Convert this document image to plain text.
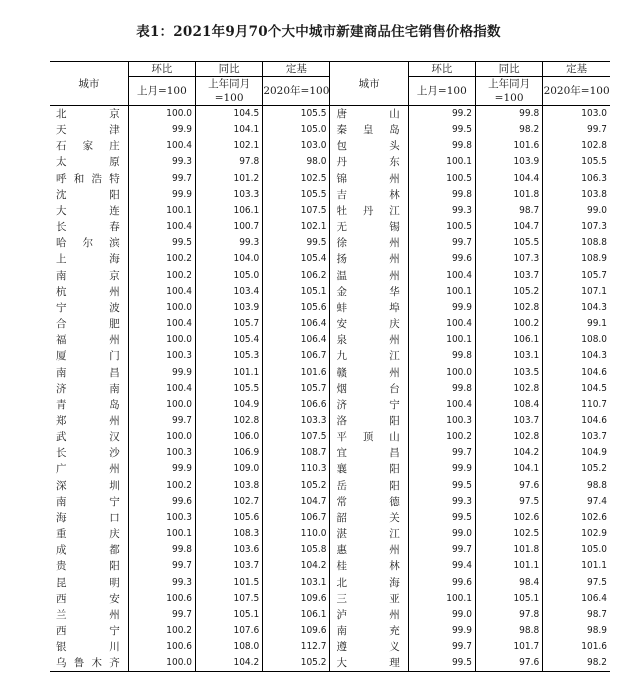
表1：2021年9月70个大中城市新建商品住宅销售价格指数
城市	环比	同比	定基	城市	环比	同比	定基
	上月=100	上年同月=100	2020年=100		上月=100	上年同月=100	2020年=100
北京	100.0	104.5	105.5	唐山	99.2	99.8	103.0
天津	99.9	104.1	105.0	秦皇岛	99.5	98.2	99.7
石家庄	100.4	102.1	103.0	包头	99.8	101.6	102.8
太原	99.3	97.8	98.0	丹东	100.1	103.9	105.5
呼和浩特	99.7	101.2	102.5	锦州	100.5	104.4	106.3
沈阳	99.9	103.3	105.5	吉林	99.8	101.8	103.8
大连	100.1	106.1	107.5	牡丹江	99.3	98.7	99.0
长春	100.4	100.7	102.1	无锡	100.5	104.7	107.3
哈尔滨	99.5	99.3	99.5	徐州	99.7	105.5	108.8
上海	100.2	104.0	105.4	扬州	99.6	107.3	108.9
南京	100.2	105.0	106.2	温州	100.4	103.7	105.7
杭州	100.4	103.4	105.1	金华	100.1	105.2	107.1
宁波	100.0	103.9	105.6	蚌埠	99.9	102.8	104.3
合肥	100.4	105.7	106.4	安庆	100.4	100.2	99.1
福州	100.0	105.4	106.4	泉州	100.1	106.1	108.0
厦门	100.3	105.3	106.7	九江	99.8	103.1	104.3
南昌	99.9	101.1	101.6	赣州	100.0	103.5	104.6
济南	100.4	105.5	105.7	烟台	99.8	102.8	104.5
青岛	100.0	104.9	106.6	济宁	100.4	108.4	110.7
郑州	99.7	102.8	103.3	洛阳	100.3	103.7	104.6
武汉	100.0	106.0	107.5	平顶山	100.2	102.8	103.7
长沙	100.3	106.9	108.7	宜昌	99.7	104.2	104.9
广州	99.9	109.0	110.3	襄阳	99.9	104.1	105.2
深圳	100.2	103.8	105.2	岳阳	99.5	97.6	98.8
南宁	99.6	102.7	104.7	常德	99.3	97.5	97.4
海口	100.3	105.6	106.7	韶关	99.5	102.6	102.6
重庆	100.1	108.3	110.0	湛江	99.0	102.5	102.9
成都	99.8	103.6	105.8	惠州	99.7	101.8	105.0
贵阳	99.7	103.7	104.2	桂林	99.4	101.1	101.1
昆明	99.3	101.5	103.1	北海	99.6	98.4	97.5
西安	100.6	107.5	109.6	三亚	100.1	105.1	106.4
兰州	99.7	105.1	106.1	泸州	99.0	97.8	98.7
西宁	100.2	107.6	109.6	南充	99.9	98.8	98.9
银川	100.6	108.0	112.7	遵义	99.7	101.7	101.6
乌鲁木齐	100.0	104.2	105.2	大理	99.5	97.6	98.2
